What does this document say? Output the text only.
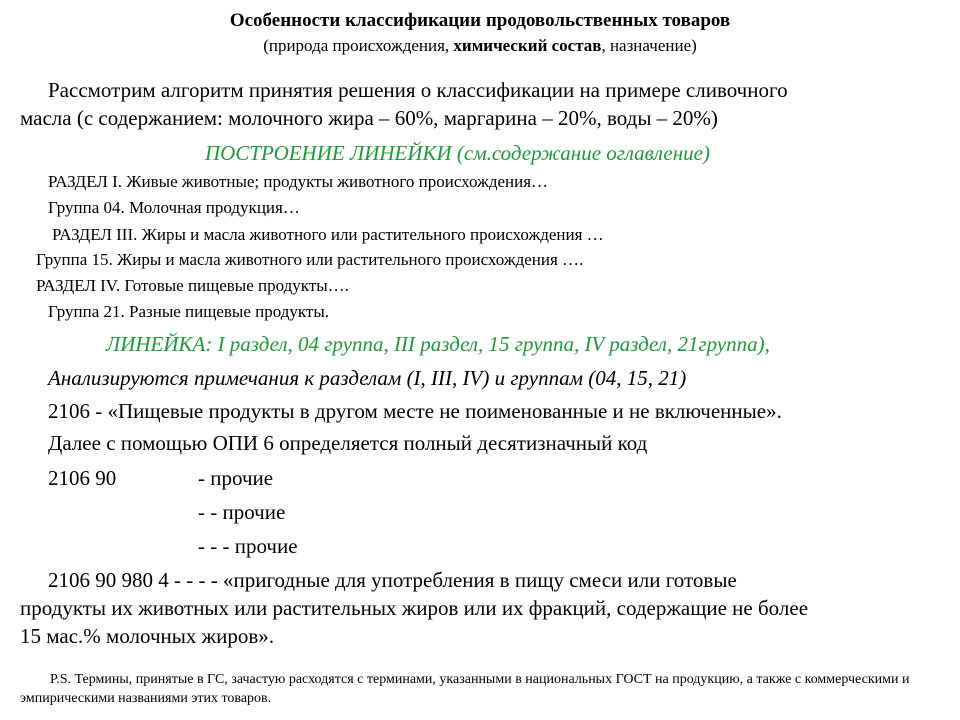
Особенности классификации продовольственных товаров
(природа происхождения, химический состав, назначение)
Рассмотрим алгоритм принятия решения о классификации на примере сливочного
масла (с содержанием: молочного жира – 60%, маргарина – 20%, воды – 20%)
ПОСТРОЕНИЕ ЛИНЕЙКИ (см.содержание оглавление)
РАЗДЕЛ I. Живые животные; продукты животного происхождения…
Группа 04. Молочная продукция…
РАЗДЕЛ III. Жиры и масла животного или растительного происхождения …
Группа 15. Жиры и масла животного или растительного происхождения ….
РАЗДЕЛ IV. Готовые пищевые продукты….
Группа 21. Разные пищевые продукты.
ЛИНЕЙКА: I раздел, 04 группа, III раздел, 15 группа, IV раздел, 21группа),
Анализируются примечания к разделам (I, III, IV) и группам (04, 15, 21)
2106 - «Пищевые продукты в другом месте не поименованные и не включенные».
Далее с помощью ОПИ 6 определяется полный десятизначный код
2106 90	- прочие
- - прочие
- - - прочие
2106 90 980 4 - - - - «пригодные для употребления в пищу смеси или готовые
продукты их животных или растительных жиров или их фракций, содержащие не более
15 мас.% молочных жиров».
P.S. Термины, принятые в ГС, зачастую расходятся с терминами, указанными в национальных ГОСТ на продукцию, а также с коммерческими и эмпирическими названиями этих товаров.
